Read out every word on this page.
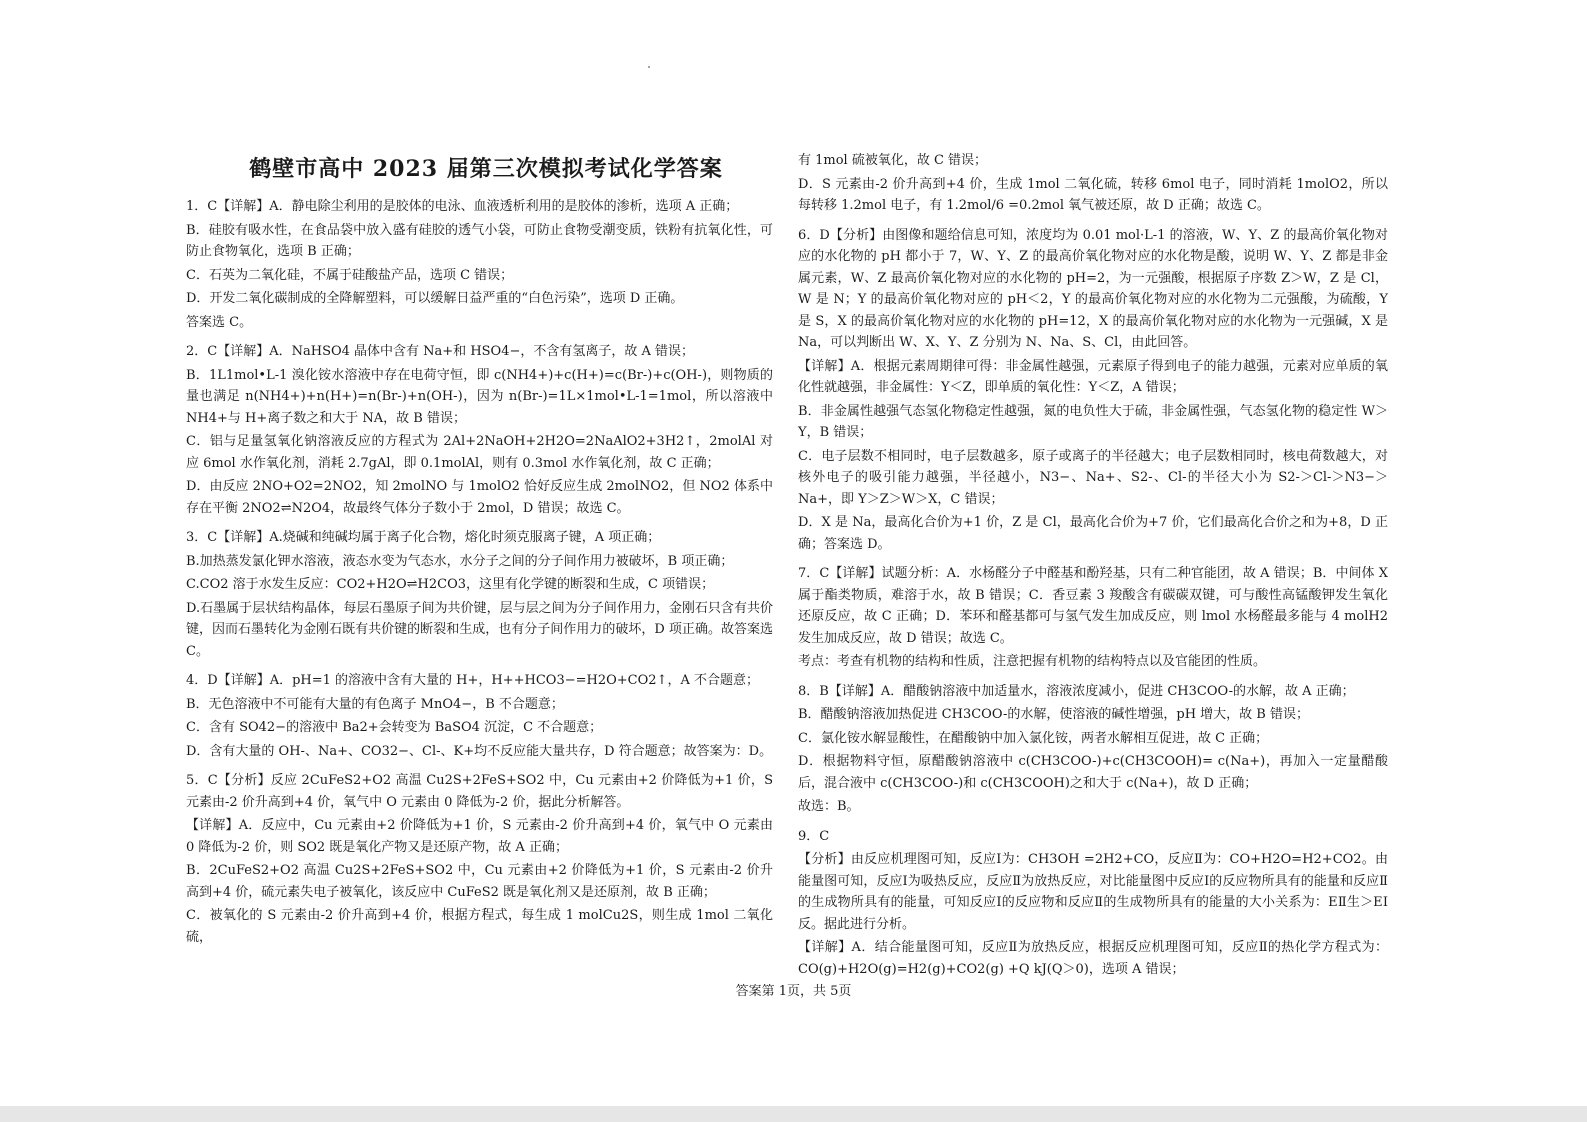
鹤壁市高中 2023 届第三次模拟考试化学答案

1．C【详解】A．静电除尘利用的是胶体的电泳、血液透析利用的是胶体的渗析，选项 A 正确；

B．硅胶有吸水性，在食品袋中放入盛有硅胶的透气小袋，可防止食物受潮变质，铁粉有抗氧化性，可防止食物氧化，选项 B 正确；

C．石英为二氧化硅，不属于硅酸盐产品，选项 C 错误；

D．开发二氧化碳制成的全降解塑料，可以缓解日益严重的“白色污染”，选项 D 正确。

答案选 C。

2．C【详解】A．NaHSO4 晶体中含有 Na+和 HSO4−，不含有氢离子，故 A 错误；

B．1L1mol•L-1 溴化铵水溶液中存在电荷守恒，即 c(NH4+)+c(H+)=c(Br-)+c(OH-)，则物质的量也满足 n(NH4+)+n(H+)=n(Br-)+n(OH-)，因为 n(Br-)=1L×1mol•L-1=1mol，所以溶液中 NH4+与 H+离子数之和大于 NA，故 B 错误；

C．铝与足量氢氧化钠溶液反应的方程式为 2Al+2NaOH+2H2O=2NaAlO2+3H2↑，2molAl 对应 6mol 水作氧化剂，消耗 2.7gAl，即 0.1molAl，则有 0.3mol 水作氧化剂，故 C 正确；

D．由反应 2NO+O2=2NO2，知 2molNO 与 1molO2 恰好反应生成 2molNO2，但 NO2 体系中存在平衡 2NO2⇌N2O4，故最终气体分子数小于 2mol，D 错误；故选 C。

3．C【详解】A.烧碱和纯碱均属于离子化合物，熔化时须克服离子键，A 项正确；

B.加热蒸发氯化钾水溶液，液态水变为气态水，水分子之间的分子间作用力被破坏，B 项正确；

C.CO2 溶于水发生反应：CO2+H2O⇌H2CO3，这里有化学键的断裂和生成，C 项错误；

D.石墨属于层状结构晶体，每层石墨原子间为共价键，层与层之间为分子间作用力，金刚石只含有共价键，因而石墨转化为金刚石既有共价键的断裂和生成，也有分子间作用力的破坏，D 项正确。故答案选 C。

4．D【详解】A．pH=1 的溶液中含有大量的 H+，H++HCO3−=H2O+CO2↑，A 不合题意；

B．无色溶液中不可能有大量的有色离子 MnO4−，B 不合题意；

C．含有 SO42−的溶液中 Ba2+会转变为 BaSO4 沉淀，C 不合题意；

D．含有大量的 OH-、Na+、CO32−、Cl-、K+均不反应能大量共存，D 符合题意；故答案为：D。

5．C【分析】反应 2CuFeS2+O2 高温 Cu2S+2FeS+SO2 中，Cu 元素由+2 价降低为+1 价，S 元素由-2 价升高到+4 价，氧气中 O 元素由 0 降低为-2 价，据此分析解答。

【详解】A．反应中，Cu 元素由+2 价降低为+1 价，S 元素由-2 价升高到+4 价，氧气中 O 元素由 0 降低为-2 价，则 SO2 既是氧化产物又是还原产物，故 A 正确；

B．2CuFeS2+O2 高温 Cu2S+2FeS+SO2 中，Cu 元素由+2 价降低为+1 价，S 元素由-2 价升高到+4 价，硫元素失电子被氧化，该反应中 CuFeS2 既是氧化剂又是还原剂，故 B 正确；

C．被氧化的 S 元素由-2 价升高到+4 价，根据方程式，每生成 1 molCu2S，则生成 1mol 二氧化硫，

有 1mol 硫被氧化，故 C 错误；

D．S 元素由-2 价升高到+4 价，生成 1mol 二氧化硫，转移 6mol 电子，同时消耗 1molO2，所以每转移 1.2mol 电子，有 1.2mol/6 =0.2mol 氧气被还原，故 D 正确；故选 C。

6．D【分析】由图像和题给信息可知，浓度均为 0.01 mol·L-1 的溶液，W、Y、Z 的最高价氧化物对应的水化物的 pH 都小于 7，W、Y、Z 的最高价氧化物对应的水化物是酸，说明 W、Y、Z 都是非金属元素，W、Z 最高价氧化物对应的水化物的 pH=2，为一元强酸，根据原子序数 Z＞W，Z 是 Cl，W 是 N；Y 的最高价氧化物对应的 pH＜2，Y 的最高价氧化物对应的水化物为二元强酸，为硫酸，Y 是 S，X 的最高价氧化物对应的水化物的 pH=12，X 的最高价氧化物对应的水化物为一元强碱，X 是 Na，可以判断出 W、X、Y、Z 分别为 N、Na、S、Cl，由此回答。

【详解】A．根据元素周期律可得：非金属性越强，元素原子得到电子的能力越强，元素对应单质的氧化性就越强，非金属性：Y＜Z，即单质的氧化性：Y＜Z，A 错误；

B．非金属性越强气态氢化物稳定性越强，氮的电负性大于硫，非金属性强，气态氢化物的稳定性 W＞Y，B 错误；

C．电子层数不相同时，电子层数越多，原子或离子的半径越大；电子层数相同时，核电荷数越大，对核外电子的吸引能力越强，半径越小，N3−、Na+、S2-、Cl-的半径大小为 S2-＞Cl-＞N3−＞Na+，即 Y＞Z＞W＞X，C 错误；

D．X 是 Na，最高化合价为+1 价，Z 是 Cl，最高化合价为+7 价，它们最高化合价之和为+8，D 正确；答案选 D。

7．C【详解】试题分析：A．水杨醛分子中醛基和酚羟基，只有二种官能团，故 A 错误；B．中间体 X 属于酯类物质，难溶于水，故 B 错误；C．香豆素 3 羧酸含有碳碳双键，可与酸性高锰酸钾发生氧化还原反应，故 C 正确；D．苯环和醛基都可与氢气发生加成反应，则 lmol 水杨醛最多能与 4 molH2 发生加成反应，故 D 错误；故选 C。

考点：考查有机物的结构和性质，注意把握有机物的结构特点以及官能团的性质。

8．B【详解】A．醋酸钠溶液中加适量水，溶液浓度减小，促进 CH3COO-的水解，故 A 正确；

B．醋酸钠溶液加热促进 CH3COO-的水解，使溶液的碱性增强，pH 增大，故 B 错误；

C．氯化铵水解显酸性，在醋酸钠中加入氯化铵，两者水解相互促进，故 C 正确；

D．根据物料守恒，原醋酸钠溶液中 c(CH3COO-)+c(CH3COOH)= c(Na+)，再加入一定量醋酸后，混合液中 c(CH3COO-)和 c(CH3COOH)之和大于 c(Na+)，故 D 正确；

故选：B。

9．C

【分析】由反应机理图可知，反应Ⅰ为：CH3OH =2H2+CO，反应Ⅱ为：CO+H2O=H2+CO2。由能量图可知，反应Ⅰ为吸热反应，反应Ⅱ为放热反应，对比能量图中反应Ⅰ的反应物所具有的能量和反应Ⅱ的生成物所具有的能量，可知反应Ⅰ的反应物和反应Ⅱ的生成物所具有的能量的大小关系为：EⅡ生＞EⅠ反。据此进行分析。

【详解】A．结合能量图可知，反应Ⅱ为放热反应，根据反应机理图可知，反应Ⅱ的热化学方程式为：CO(g)+H2O(g)=H2(g)+CO2(g) +Q kJ(Q＞0)，选项 A 错误；

答案第 1页，共 5页
